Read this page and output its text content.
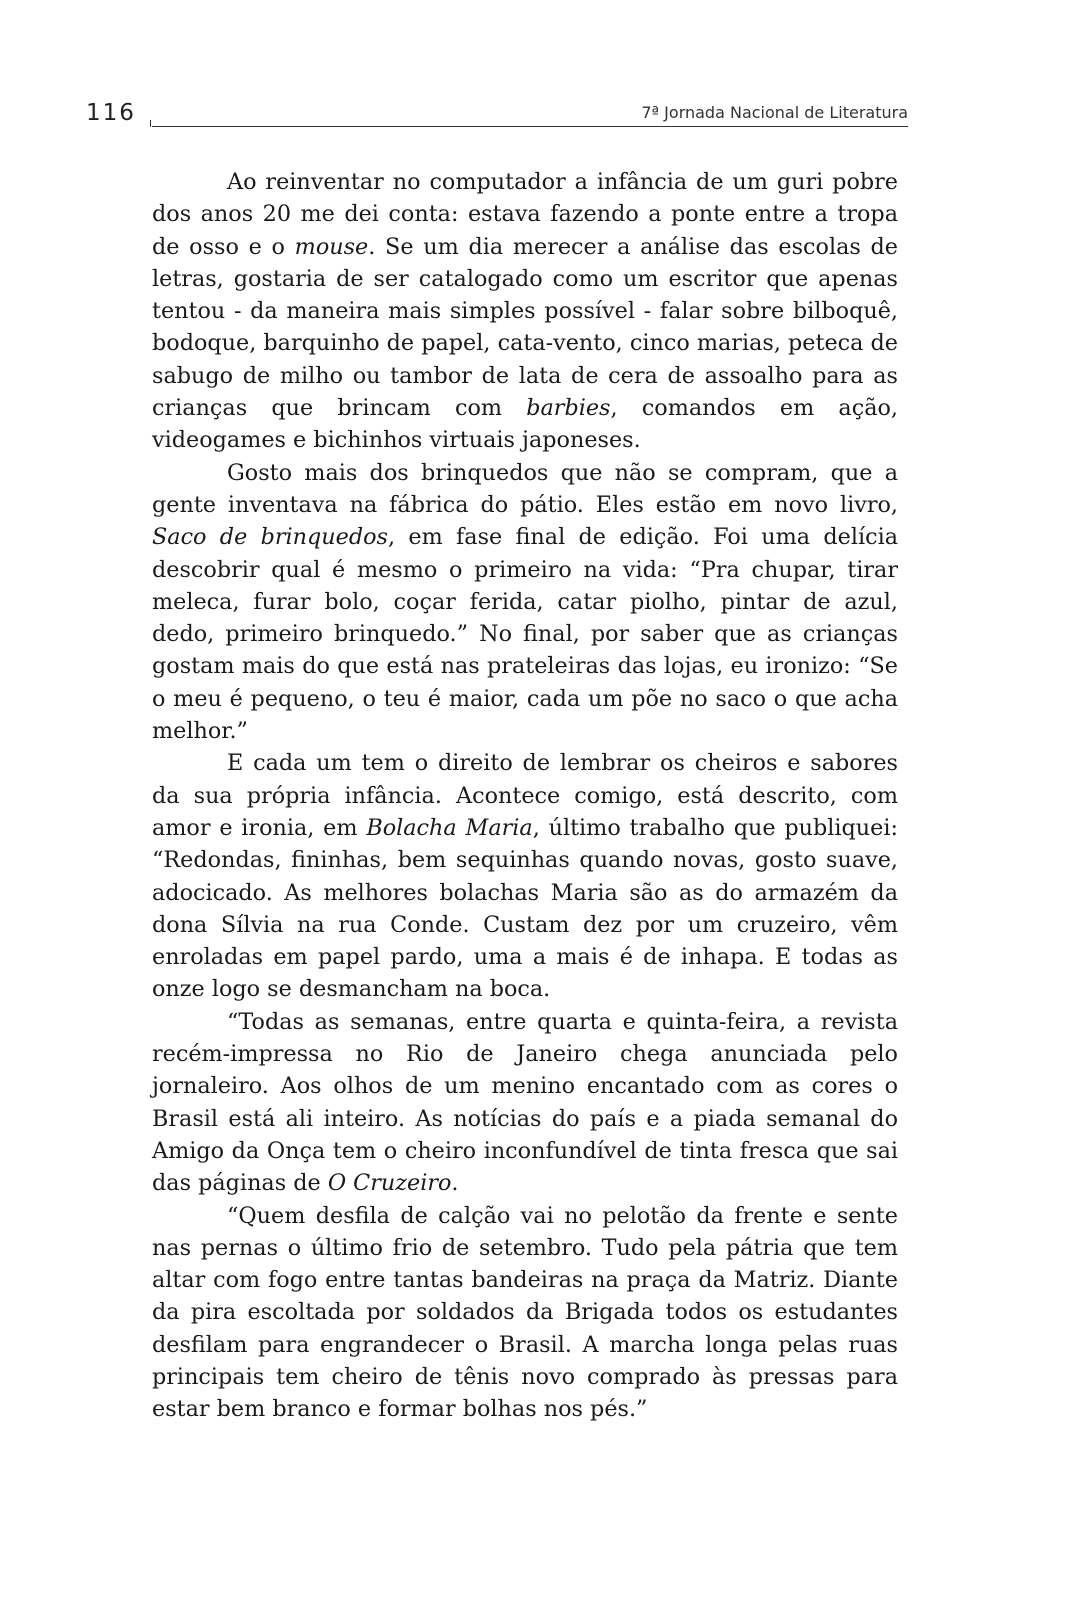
116	7ª Jornada Nacional de Literatura

Ao reinventar no computador a infância de um guri pobre dos anos 20 me dei conta: estava fazendo a ponte entre a tropa de osso e o mouse. Se um dia merecer a análise das escolas de letras, gostaria de ser catalogado como um escritor que apenas tentou - da maneira mais simples possível - falar sobre bilboquê, bodoque, barquinho de papel, cata-vento, cinco marias, peteca de sabugo de milho ou tambor de lata de cera de assoalho para as crianças que brincam com barbies, comandos em ação, videogames e bichinhos virtuais japoneses.

Gosto mais dos brinquedos que não se compram, que a gente inventava na fábrica do pátio. Eles estão em novo livro, Saco de brinquedos, em fase final de edição. Foi uma delícia descobrir qual é mesmo o primeiro na vida: “Pra chupar, tirar meleca, furar bolo, coçar ferida, catar piolho, pintar de azul, dedo, primeiro brinquedo.” No final, por saber que as crianças gostam mais do que está nas prateleiras das lojas, eu ironizo: “Se o meu é pequeno, o teu é maior, cada um põe no saco o que acha melhor.”

E cada um tem o direito de lembrar os cheiros e sabores da sua própria infância. Acontece comigo, está descrito, com amor e ironia, em Bolacha Maria, último trabalho que publiquei: “Redondas, fininhas, bem sequinhas quando novas, gosto suave, adocicado. As melhores bolachas Maria são as do armazém da dona Sílvia na rua Conde. Custam dez por um cruzeiro, vêm enroladas em papel pardo, uma a mais é de inhapa. E todas as onze logo se desmancham na boca.

“Todas as semanas, entre quarta e quinta-feira, a revista recém-impressa no Rio de Janeiro chega anunciada pelo jornaleiro. Aos olhos de um menino encantado com as cores o Brasil está ali inteiro. As notícias do país e a piada semanal do Amigo da Onça tem o cheiro inconfundível de tinta fresca que sai das páginas de O Cruzeiro.

“Quem desfila de calção vai no pelotão da frente e sente nas pernas o último frio de setembro. Tudo pela pátria que tem altar com fogo entre tantas bandeiras na praça da Matriz. Diante da pira escoltada por soldados da Brigada todos os estudantes desfilam para engrandecer o Brasil. A marcha longa pelas ruas principais tem cheiro de tênis novo comprado às pressas para estar bem branco e formar bolhas nos pés.”
